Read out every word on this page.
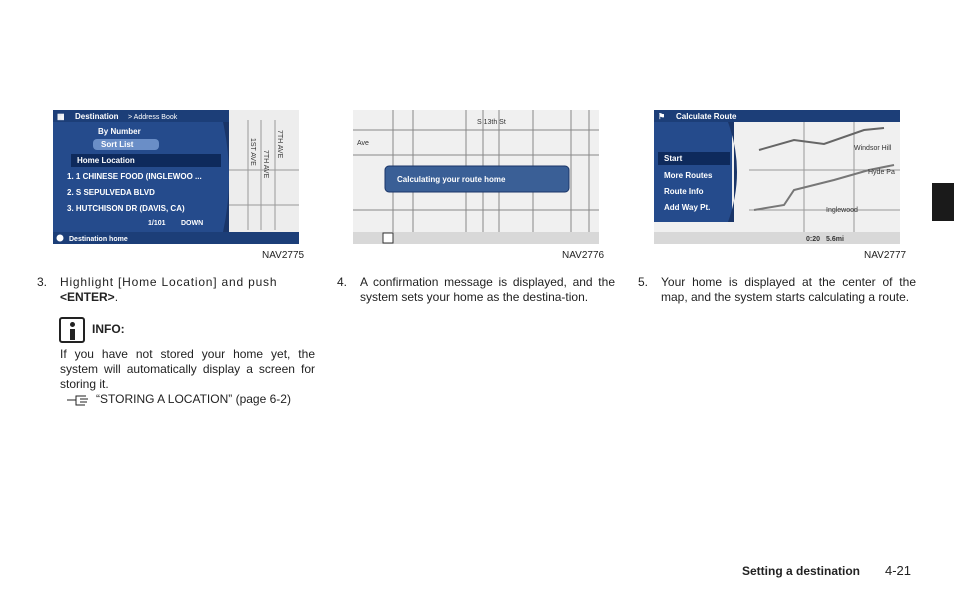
1ST AVE 7TH AVE
7TH AVE
▦ Destination > Address Book
By Number
Sort List
Home Location
1. 1 CHINESE FOOD (INGLEWOO ...
2. S SEPULVEDA BLVD
3. HUTCHISON DR (DAVIS, CA)
1/101 DOWN
Destination home
NAV2775
Ave
S 13th St
Calculating your route home
NAV2776
Windsor Hill
Hyde Pa
Inglewood
⚑ Calculate Route
Start
More Routes
Route Info
Add Way Pt.
0:20 5.6mi
NAV2777
3. Highlight [Home Location] and push
<ENTER>.
INFO:
If you have not stored your home yet, the system will automatically display a screen for storing it.
“STORING A LOCATION” (page 6-2)
4. A confirmation message is displayed, and the system sets your home as the destina-tion.
5. Your home is displayed at the center of the map, and the system starts calculating a route.
Setting a destination 4-21
